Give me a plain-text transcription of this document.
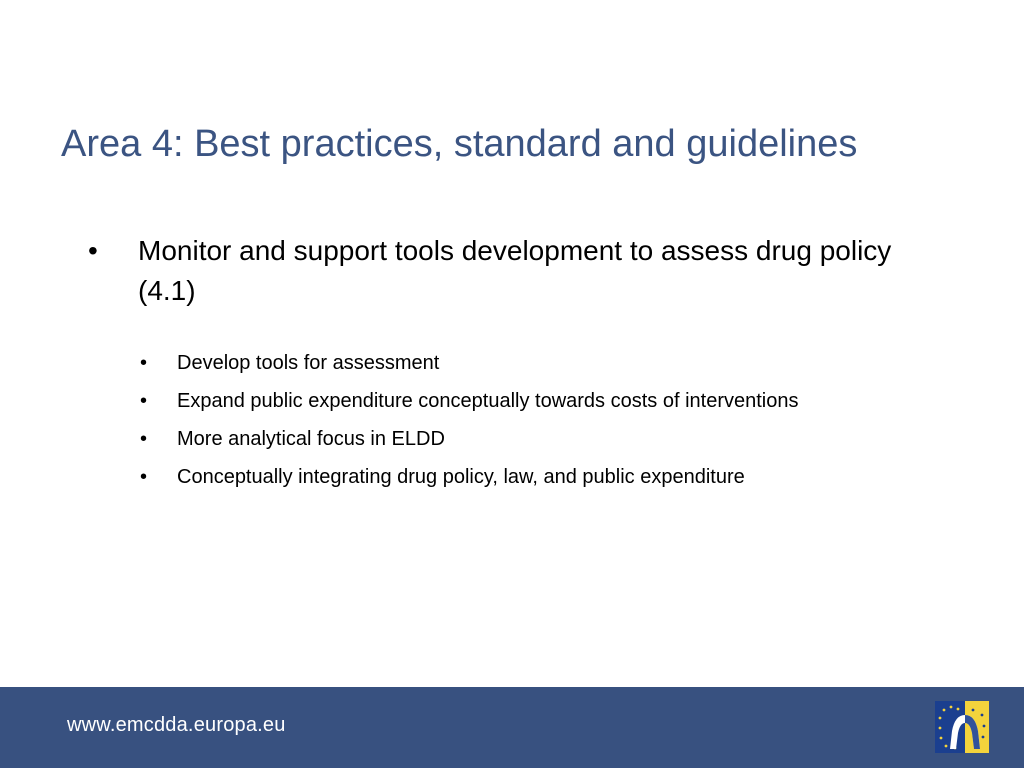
Area 4: Best practices, standard and guidelines
• Monitor and support tools development to assess drug policy (4.1)
• Develop tools for assessment
• Expand public expenditure conceptually towards costs of interventions
• More analytical focus in ELDD
• Conceptually integrating drug policy, law, and public expenditure
www.emcdda.europa.eu
